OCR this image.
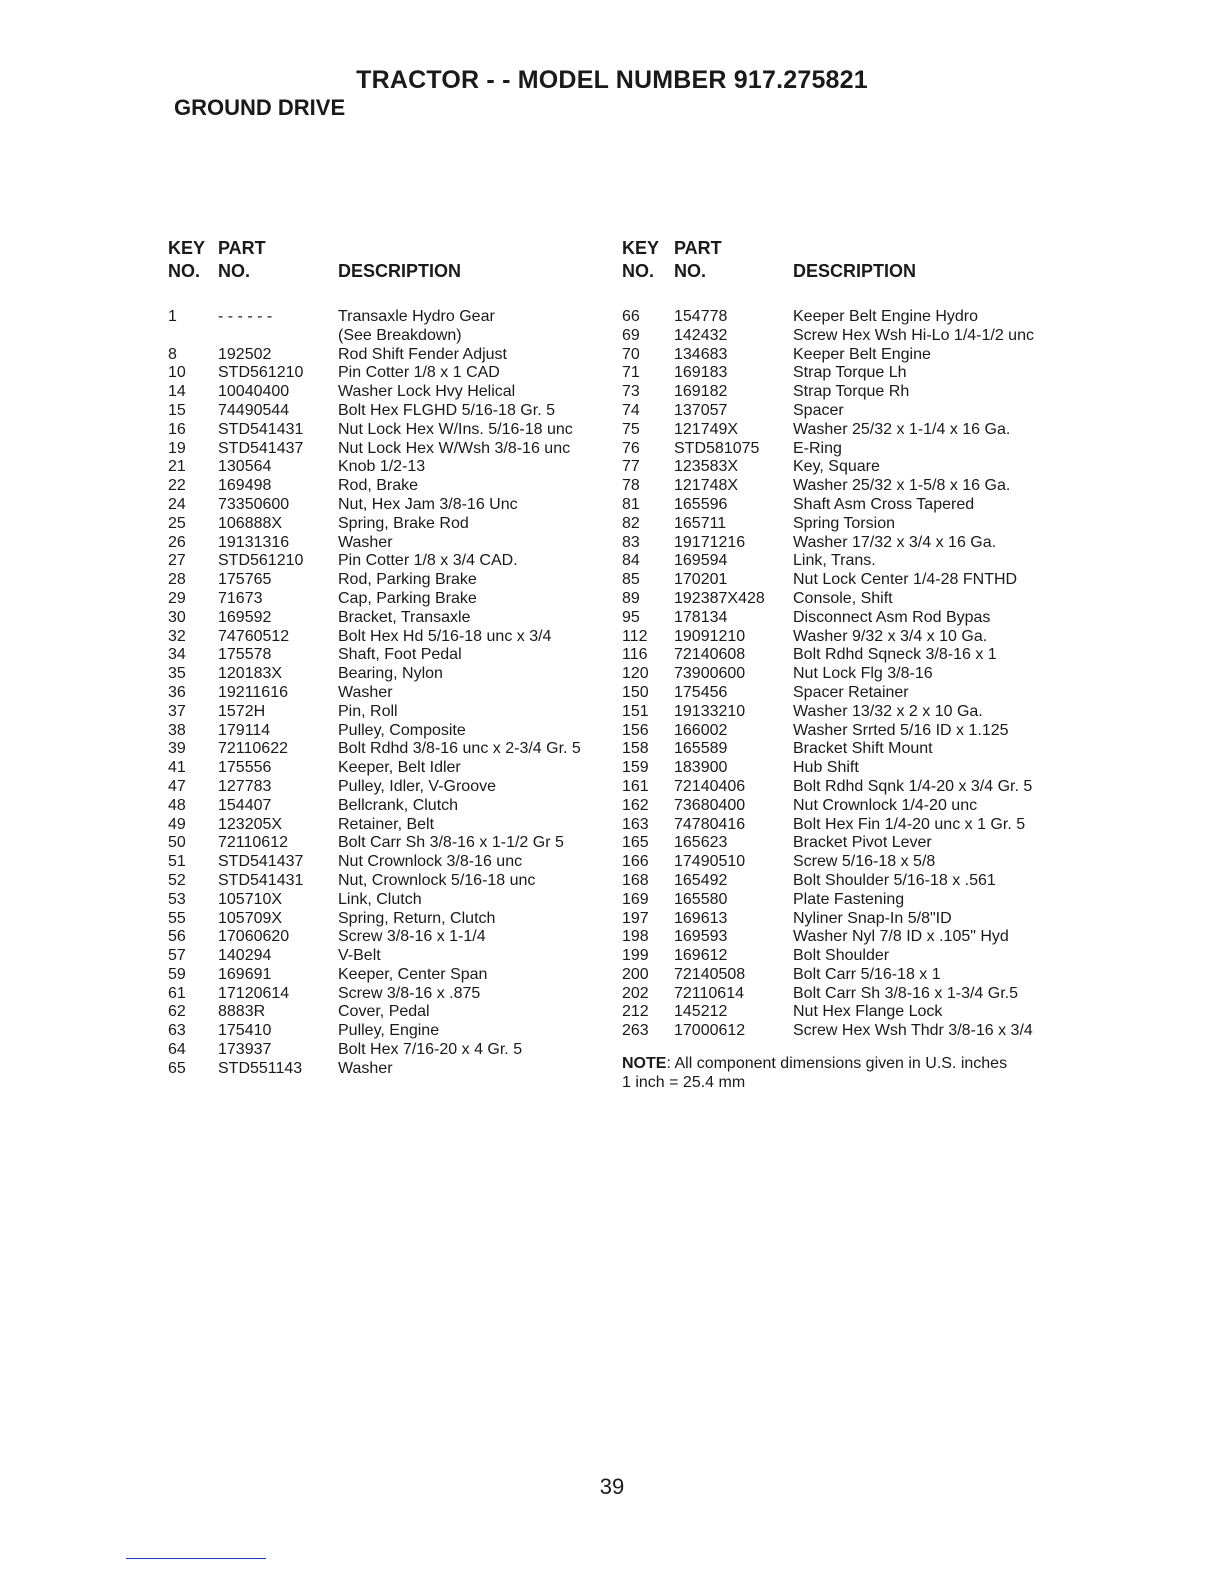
TRACTOR - - MODEL NUMBER 917.275821
GROUND DRIVE
KEY
NO.
PART
NO.	DESCRIPTION
1	- - - - - -	Transaxle Hydro Gear
(See Breakdown)
8	192502	Rod Shift Fender Adjust
10 STD561210 Pin Cotter 1/8 x 1 CAD
14 10040400	Washer Lock Hvy Helical
15 74490544	Bolt Hex FLGHD 5/16-18 Gr. 5
16 STD541431 Nut Lock Hex W/Ins. 5/16-18 unc
19 STD541437 Nut Lock Hex W/Wsh 3/8-16 unc
21 130564	Knob 1/2-13
22 169498	Rod, Brake
24 73350600	Nut, Hex Jam 3/8-16 Unc
25 106888X	Spring, Brake Rod
26 19131316	Washer
27 STD561210 Pin Cotter 1/8 x 3/4 CAD.
28 175765	Rod, Parking Brake
29 71673	Cap, Parking Brake
30 169592	Bracket, Transaxle
32 74760512	Bolt Hex Hd 5/16-18 unc x 3/4
34 175578	Shaft, Foot Pedal
35 120183X	Bearing, Nylon
36 19211616	Washer
37 1572H	Pin, Roll
38 179114	Pulley, Composite
39 72110622	Bolt Rdhd 3/8-16 unc x 2-3/4 Gr. 5
41 175556	Keeper, Belt Idler
47 127783	Pulley, Idler, V-Groove
48 154407	Bellcrank, Clutch
49 123205X	Retainer, Belt
50 72110612	Bolt Carr Sh 3/8-16 x 1-1/2 Gr 5
51 STD541437 Nut Crownlock 3/8-16 unc
52 STD541431 Nut, Crownlock 5/16-18 unc
53 105710X	Link, Clutch
55 105709X	Spring, Return, Clutch
56 17060620	Screw 3/8-16 x 1-1/4
57 140294	V-Belt
59 169691	Keeper, Center Span
61 17120614	Screw 3/8-16 x .875
62 8883R	Cover, Pedal
63 175410	Pulley, Engine
64 173937	Bolt Hex 7/16-20 x 4 Gr. 5
65 STD551143 Washer
KEY
NO.
PART
NO.	DESCRIPTION
66 154778	Keeper Belt Engine Hydro
69 142432	Screw Hex Wsh Hi-Lo 1/4-1/2 unc
70 134683	Keeper Belt Engine
71 169183	Strap Torque Lh
73 169182	Strap Torque Rh
74 137057	Spacer
75 121749X	Washer 25/32 x 1-1/4 x 16 Ga.
76 STD581075 E-Ring
77 123583X	Key, Square
78 121748X	Washer 25/32 x 1-5/8 x 16 Ga.
81 165596	Shaft Asm Cross Tapered
82 165711	Spring Torsion
83 19171216	Washer 17/32 x 3/4 x 16 Ga.
84 169594	Link, Trans.
85 170201	Nut Lock Center 1/4-28 FNTHD
89 192387X428 Console, Shift
95 178134	Disconnect Asm Rod Bypas
112 19091210	Washer 9/32 x 3/4 x 10 Ga.
116 72140608	Bolt Rdhd Sqneck 3/8-16 x 1
120 73900600	Nut Lock Flg 3/8-16
150 175456	Spacer Retainer
151 19133210	Washer 13/32 x 2 x 10 Ga.
156 166002	Washer Srrted 5/16 ID x 1.125
158 165589	Bracket Shift Mount
159 183900	Hub Shift
161 72140406	Bolt Rdhd Sqnk 1/4-20 x 3/4 Gr. 5
162 73680400	Nut Crownlock 1/4-20 unc
163 74780416	Bolt Hex Fin 1/4-20 unc x 1 Gr. 5
165 165623	Bracket Pivot Lever
166 17490510	Screw 5/16-18 x 5/8
168 165492	Bolt Shoulder 5/16-18 x .561
169 165580	Plate Fastening
197 169613	Nyliner Snap-In 5/8"ID
198 169593	Washer Nyl 7/8 ID x .105" Hyd
199 169612	Bolt Shoulder
200 72140508	Bolt Carr 5/16-18 x 1
202 72110614	Bolt Carr Sh 3/8-16 x 1-3/4 Gr.5
212 145212	Nut Hex Flange Lock
263 17000612	Screw Hex Wsh Thdr 3/8-16 x 3/4
NOTE: All component dimensions given in U.S. inches
1 inch = 25.4 mm
39
